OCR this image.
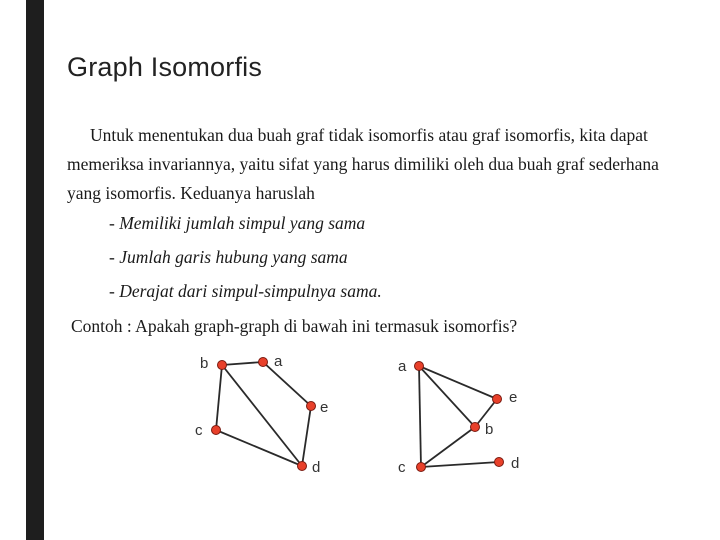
Graph Isomorfis
Untuk menentukan dua buah graf tidak isomorfis atau graf isomorfis, kita dapat memeriksa invariannya, yaitu sifat yang harus dimiliki oleh dua buah graf sederhana yang isomorfis. Keduanya haruslah
- Memiliki jumlah simpul yang sama
- Jumlah garis hubung yang sama
- Derajat dari simpul-simpulnya sama.
Contoh : Apakah graph-graph di bawah ini termasuk isomorfis?
b	a
e
c
d
a
e
b
c	d
